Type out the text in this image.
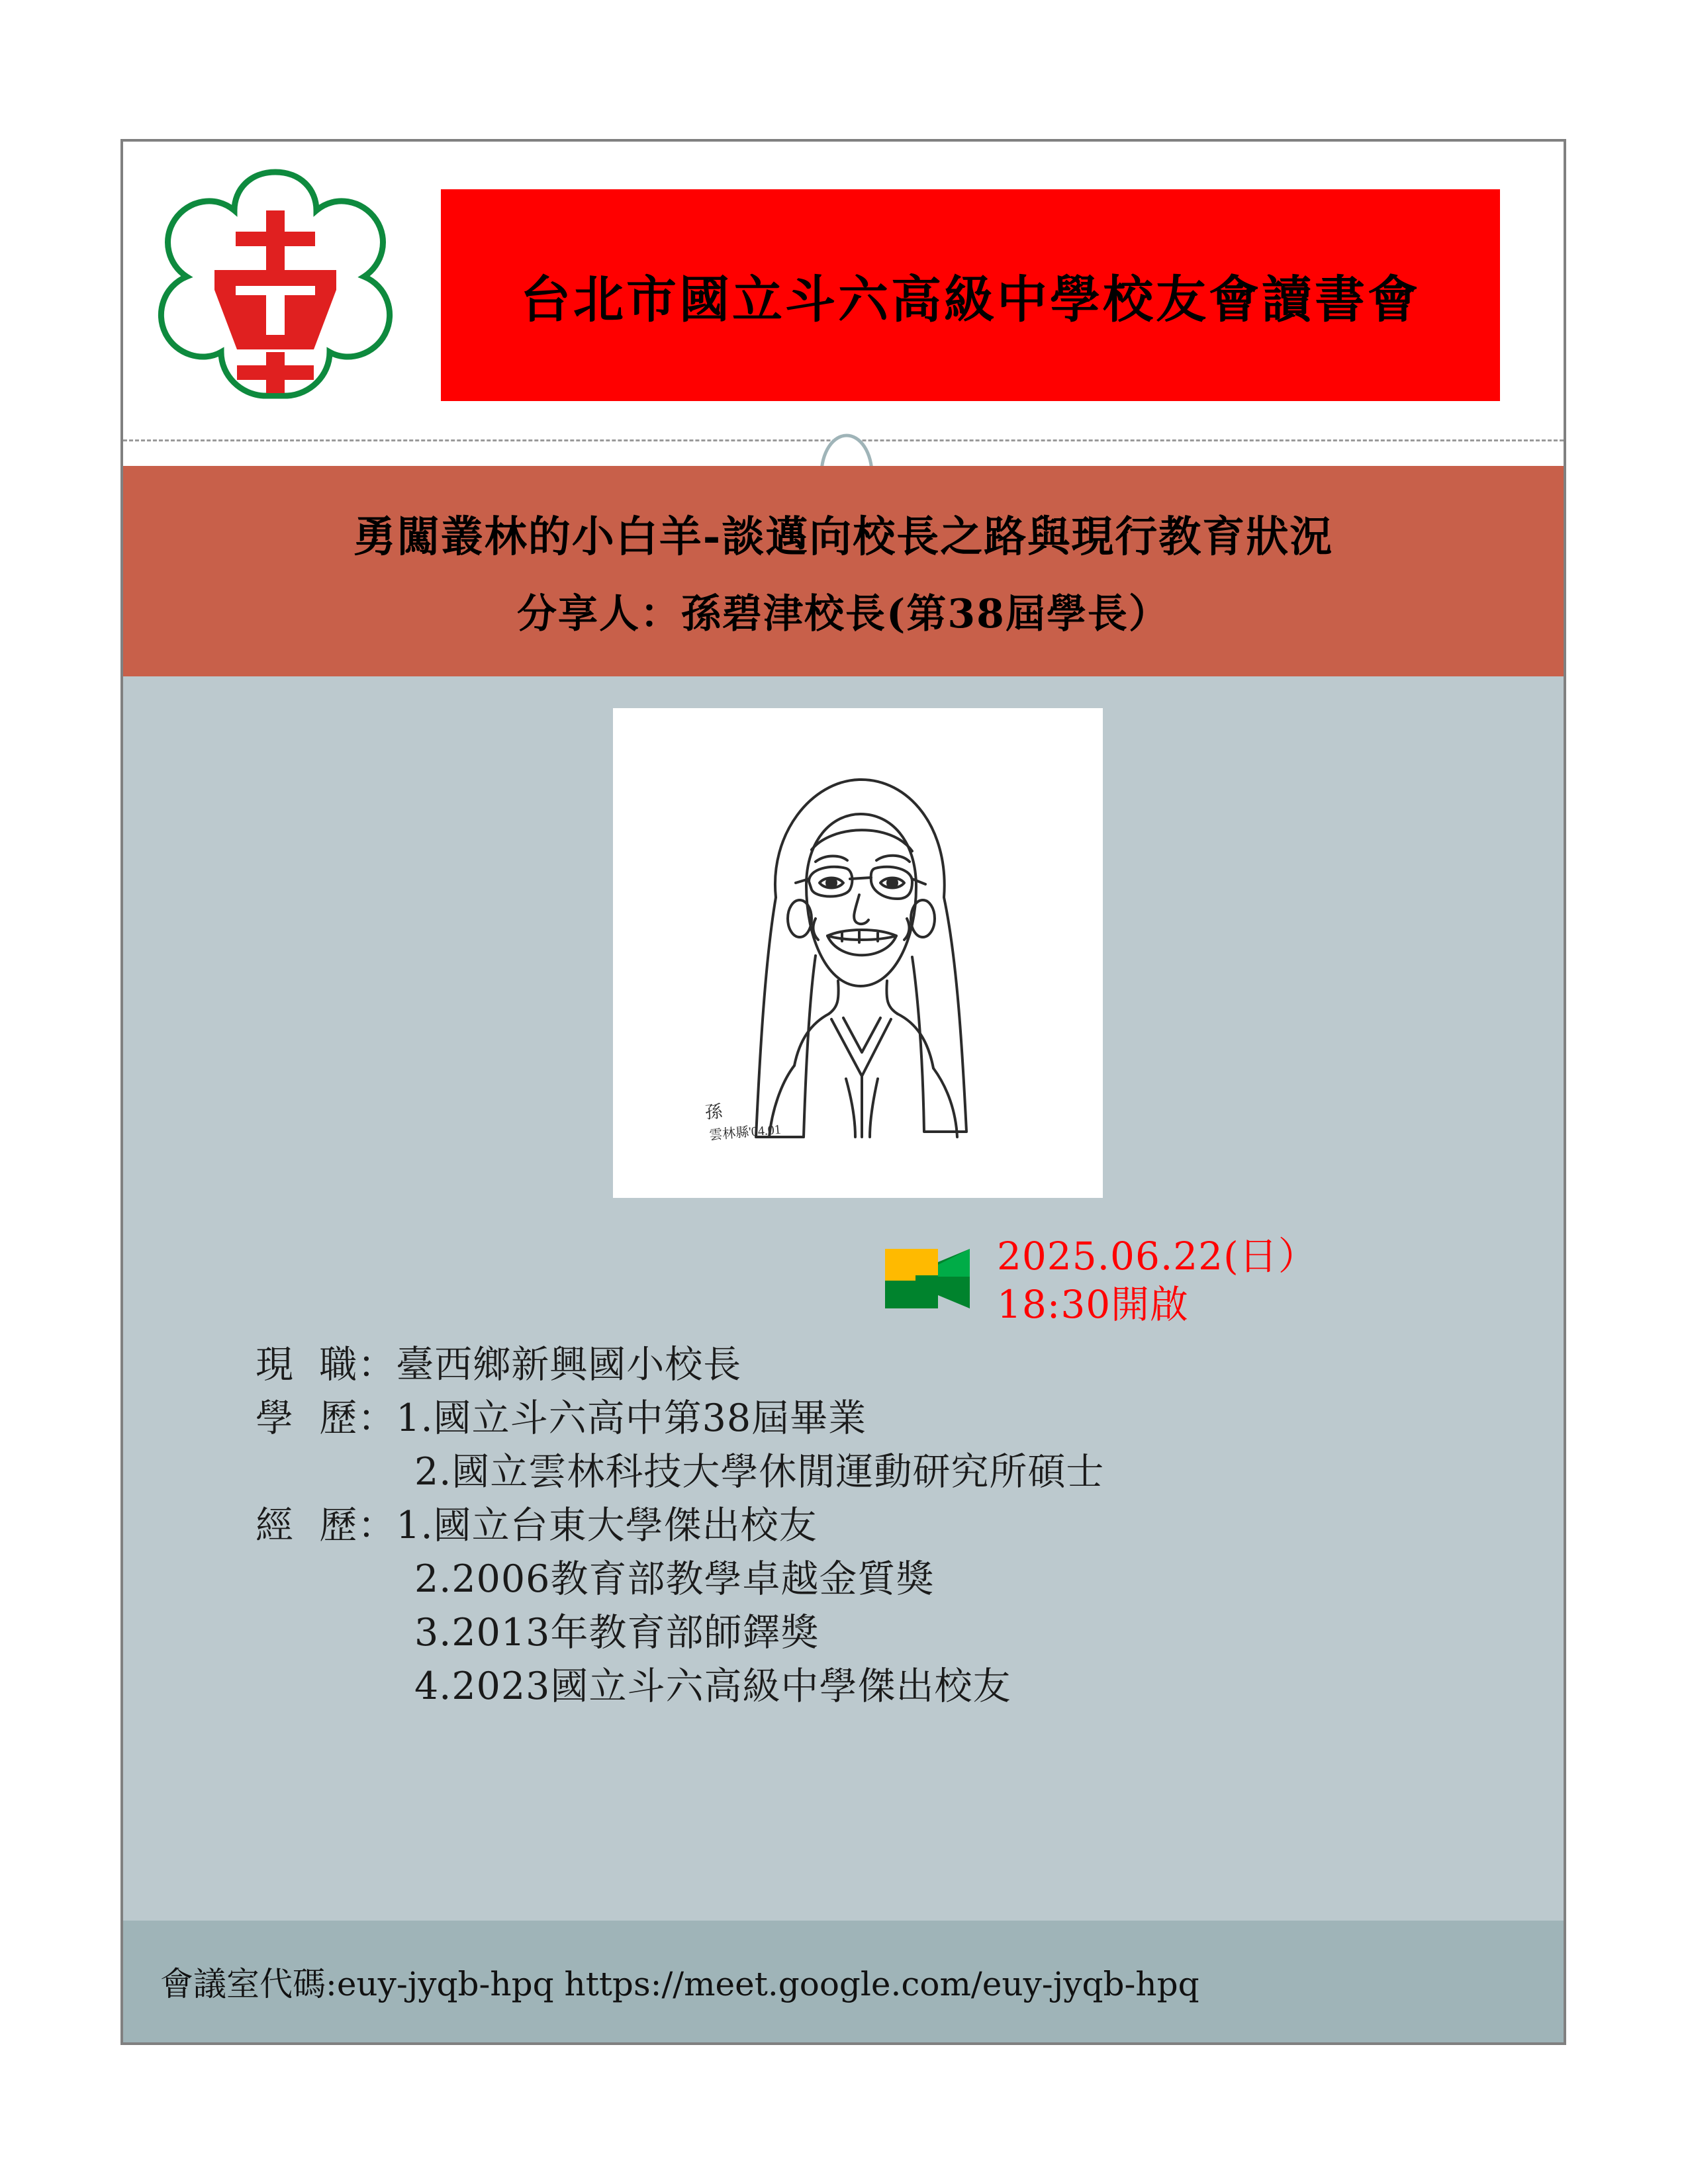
台北市國立斗六高級中學校友會讀書會
勇闖叢林的小白羊-談邁向校長之路與現行教育狀況
分享人：孫碧津校長(第38屆學長）
孫
雲林縣'04.01
2025.06.22(日）
18:30開啟
現  職：臺西鄉新興國小校長
學  歷：1.國立斗六高中第38屆畢業
2.國立雲林科技大學休閒運動研究所碩士
經  歷：1.國立台東大學傑出校友
2.2006教育部教學卓越金質獎
3.2013年教育部師鐸獎
4.2023國立斗六高級中學傑出校友
會議室代碼:euy-jyqb-hpq https://meet.google.com/euy-jyqb-hpq
